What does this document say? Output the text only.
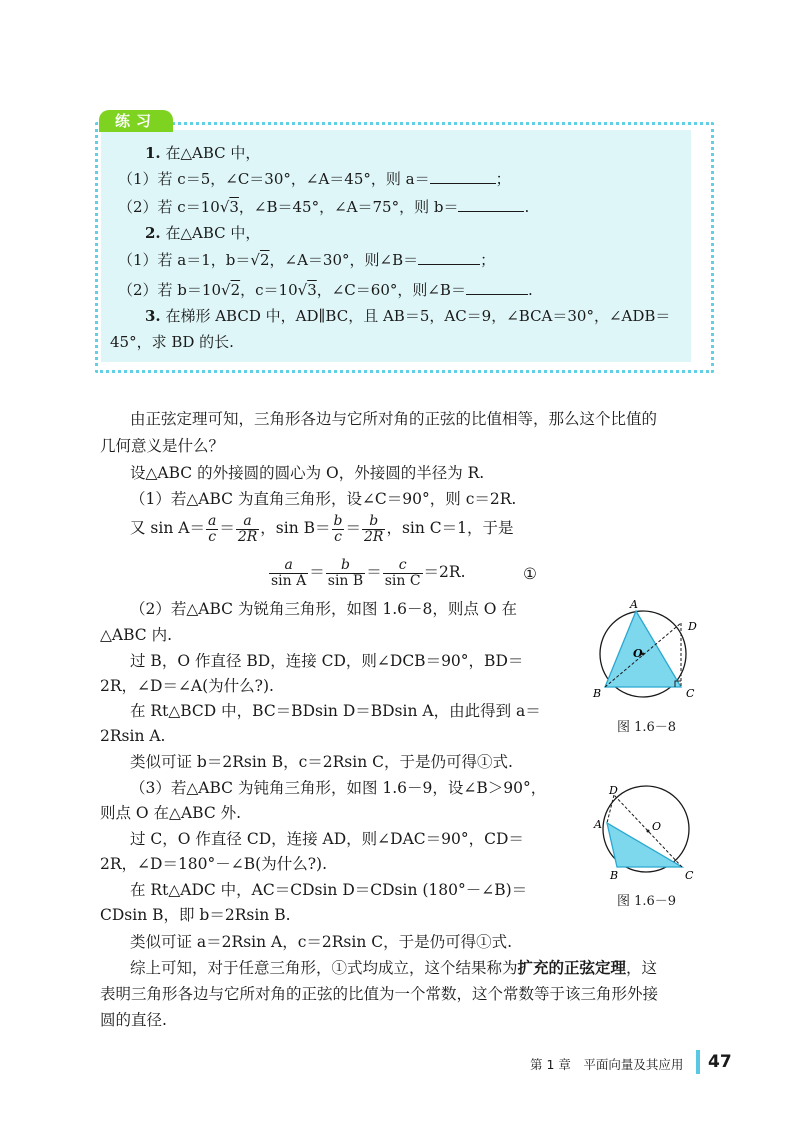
练习
1. 在△ABC 中，
（1）若 c＝5，∠C＝30°，∠A＝45°，则 a＝	；
（2）若 c＝10√3，∠B＝45°，∠A＝75°，则 b＝	.
2. 在△ABC 中，
（1）若 a＝1，b＝√2，∠A＝30°，则∠B＝	；
（2）若 b＝10√2，c＝10√3，∠C＝60°，则∠B＝	.
3. 在梯形 ABCD 中，AD∥BC，且 AB＝5，AC＝9，∠BCA＝30°，∠ADB＝
45°，求 BD 的长.
由正弦定理可知，三角形各边与它所对角的正弦的比值相等，那么这个比值的
几何意义是什么？
设△ABC 的外接圆的圆心为 O，外接圆的半径为 R.
（1）若△ABC 为直角三角形，设∠C＝90°，则 c＝2R.
又 $\sin A= \frac{a}{c} = \frac{a}{2R}$ ，$\sin B= \frac{b}{c} = \frac{b}{2R}$ ，sin C＝1，于是
$\frac{a}{\text{sin A}} = \frac{b}{\text{sin B}} = \frac{c}{\text{sin C}} =2R$.	①
（2）若△ABC 为锐角三角形，如图 1.6－8，则点 O 在
△ABC 内.
过 B，O 作直径 BD，连接 CD，则∠DCB＝90°，BD＝
2R，∠D＝∠A(为什么?).
在 Rt△BCD 中，BC＝BDsin D＝BDsin A，由此得到 a＝
2Rsin A.
类似可证 b＝2Rsin B，c＝2Rsin C，于是仍可得①式.
（3）若△ABC 为钝角三角形，如图 1.6－9，设∠B＞90°，
则点 O 在△ABC 外.
过 C，O 作直径 CD，连接 AD，则∠DAC＝90°，CD＝
2R，∠D＝180°－∠B(为什么?).
在 Rt△ADC 中，AC＝CDsin D＝CDsin (180°－∠B)＝
CDsin B，即 b＝2Rsin B.
类似可证 a＝2Rsin A，c＝2Rsin C，于是仍可得①式.
综上可知，对于任意三角形，①式均成立，这个结果称为扩充的正弦定理，这
表明三角形各边与它所对角的正弦的比值为一个常数，这个常数等于该三角形外接
圆的直径.
A
B	C
D
O
图 1.6－8
A
B	C
D
O
图 1.6－9
第 1 章　平面向量及其应用 47
